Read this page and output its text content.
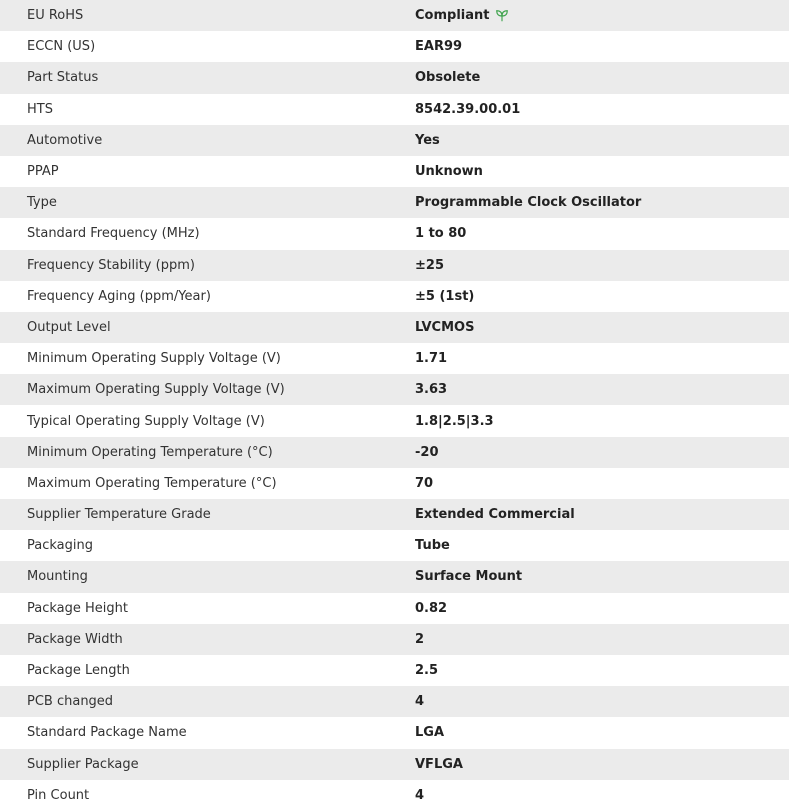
EU RoHS	Compliant
ECCN (US)	EAR99
Part Status	Obsolete
HTS	8542.39.00.01
Automotive	Yes
PPAP	Unknown
Type	Programmable Clock Oscillator
Standard Frequency (MHz)	1 to 80
Frequency Stability (ppm)	±25
Frequency Aging (ppm/Year)	±5 (1st)
Output Level	LVCMOS
Minimum Operating Supply Voltage (V)	1.71
Maximum Operating Supply Voltage (V)	3.63
Typical Operating Supply Voltage (V)	1.8|2.5|3.3
Minimum Operating Temperature (°C)	-20
Maximum Operating Temperature (°C)	70
Supplier Temperature Grade	Extended Commercial
Packaging	Tube
Mounting	Surface Mount
Package Height	0.82
Package Width	2
Package Length	2.5
PCB changed	4
Standard Package Name	LGA
Supplier Package	VFLGA
Pin Count	4
